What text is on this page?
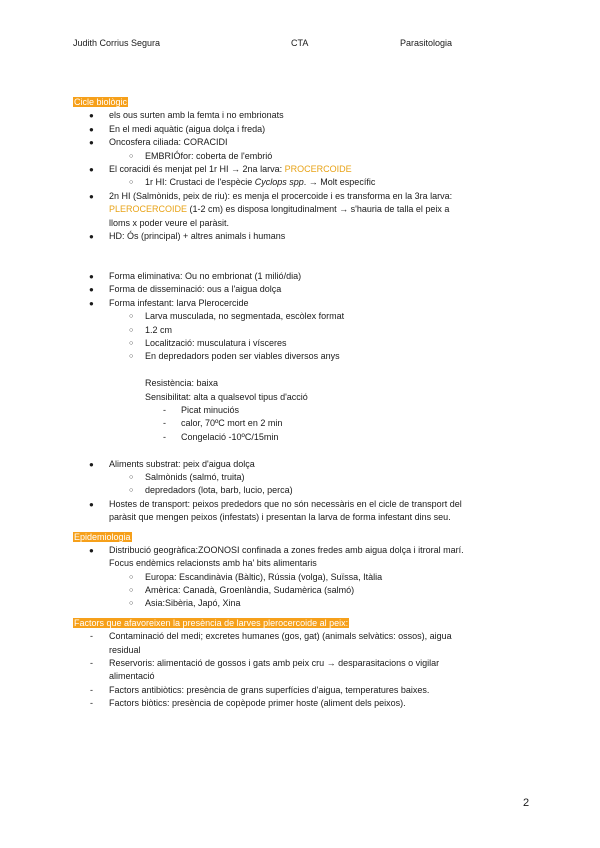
Judith Corrius Segura	CTA	Parasitologia
Cicle biològic
● els ous surten amb la femta i no embrionats
● En el medi aquàtic (aigua dolça i freda)
● Oncosfera ciliada: CORACIDI
○ EMBRIÓfor: coberta de l'embrió
● El coracidi és menjat pel 1r HI → 2na larva: PROCERCOIDE
○ 1r HI: Crustaci de l'espècie Cyclops spp. → Molt específic
● 2n HI (Salmònids, peix de riu): es menja el procercoide i es transforma en la 3ra larva:
PLEROCERCOIDE (1-2 cm) es disposa longitudinalment → s'hauria de talla el peix a
lloms x poder veure el paràsit.
● HD: Ós (principal) + altres animals i humans
● Forma eliminativa: Ou no embrionat (1 milió/dia)
● Forma de disseminació: ous a l'aigua dolça
● Forma infestant: larva Plerocercide
○ Larva musculada, no segmentada, escòlex format
○ 1.2 cm
○ Localització: musculatura i vísceres
○ En depredadors poden ser viables diversos anys
Resistència: baixa
Sensibilitat: alta a qualsevol tipus d'acció
- Picat minuciós
- calor, 70ºC mort en 2 min
- Congelació -10ºC/15min
● Aliments substrat: peix d'aigua dolça
○ Salmònids (salmó, truita)
○ depredadors (lota, barb, lucio, perca)
● Hostes de transport: peixos prededors que no són necessàris en el cicle de transport del
paràsit que mengen peixos (infestats) i presentan la larva de forma infestant dins seu.
Epidemiologia
● Distribució geogràfica:ZOONOSI confinada a zones fredes amb aigua dolça i itroral marí.
Focus endèmics relacionsts amb ha' bits alimentaris
○ Europa: Escandinàvia (Bàltic), Rússia (volga), Suïssa, Itàlia
○ Amèrica: Canadà, Groenlàndia, Sudamèrica (salmó)
○ Asia:Sibèria, Japó, Xina
Factors que afavoreixen la presència de larves plerocercoide al peix:
- Contaminació del medi; excretes humanes (gos, gat) (animals selvàtics: ossos), aigua
residual
- Reservoris: alimentació de gossos i gats amb peix cru → desparasitacions o vigilar
alimentació
- Factors antibiòtics: presència de grans superfícies d'aigua, temperatures baixes.
- Factors biòtics: presència de copèpode primer hoste (aliment dels peixos).
2
